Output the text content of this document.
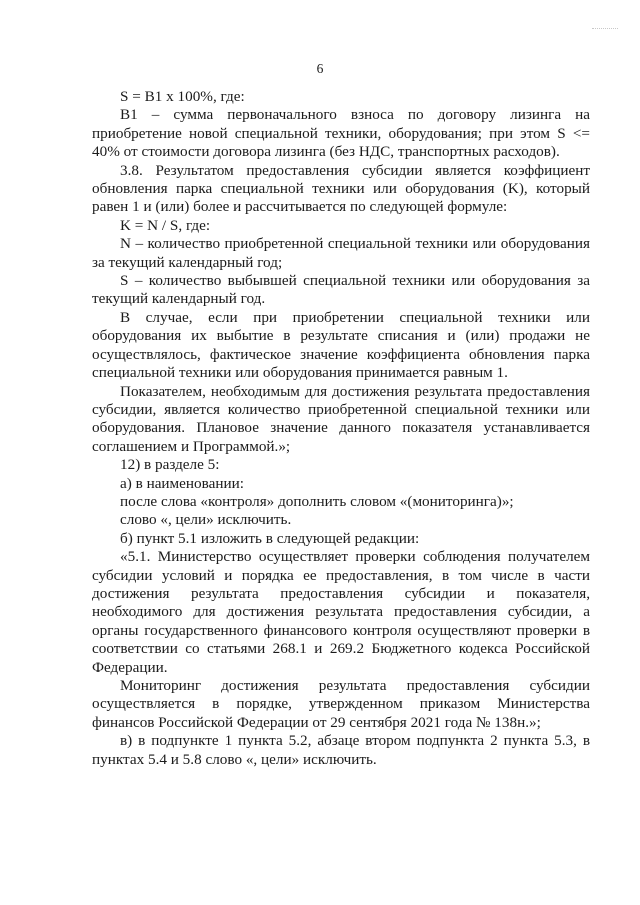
6

S = B1 х 100%, где:

B1 – сумма первоначального взноса по договору лизинга на приобретение новой специальной техники, оборудования; при этом S <= 40% от стоимости договора лизинга (без НДС, транспортных расходов).

3.8. Результатом предоставления субсидии является коэффициент обновления парка специальной техники или оборудования (K), который равен 1 и (или) более и рассчитывается по следующей формуле:

K = N / S, где:

N – количество приобретенной специальной техники или оборудования за текущий календарный год;

S – количество выбывшей специальной техники или оборудования за текущий календарный год.

В случае, если при приобретении специальной техники или оборудования их выбытие в результате списания и (или) продажи не осуществлялось, фактическое значение коэффициента обновления парка специальной техники или оборудования принимается равным 1.

Показателем, необходимым для достижения результата предоставления субсидии, является количество приобретенной специальной техники или оборудования. Плановое значение данного показателя устанавливается соглашением и Программой.»;

12) в разделе 5:

а) в наименовании:

после слова «контроля» дополнить словом «(мониторинга)»;

слово «, цели» исключить.

б) пункт 5.1 изложить в следующей редакции:

«5.1. Министерство осуществляет проверки соблюдения получателем субсидии условий и порядка ее предоставления, в том числе в части достижения результата предоставления субсидии и показателя, необходимого для достижения результата предоставления субсидии, а органы государственного финансового контроля осуществляют проверки в соответствии со статьями 268.1 и 269.2 Бюджетного кодекса Российской Федерации.

Мониторинг достижения результата предоставления субсидии осуществляется в порядке, утвержденном приказом Министерства финансов Российской Федерации от 29 сентября 2021 года № 138н.»;

в) в подпункте 1 пункта 5.2, абзаце втором подпункта 2 пункта 5.3, в пунктах 5.4 и 5.8 слово «, цели» исключить.
